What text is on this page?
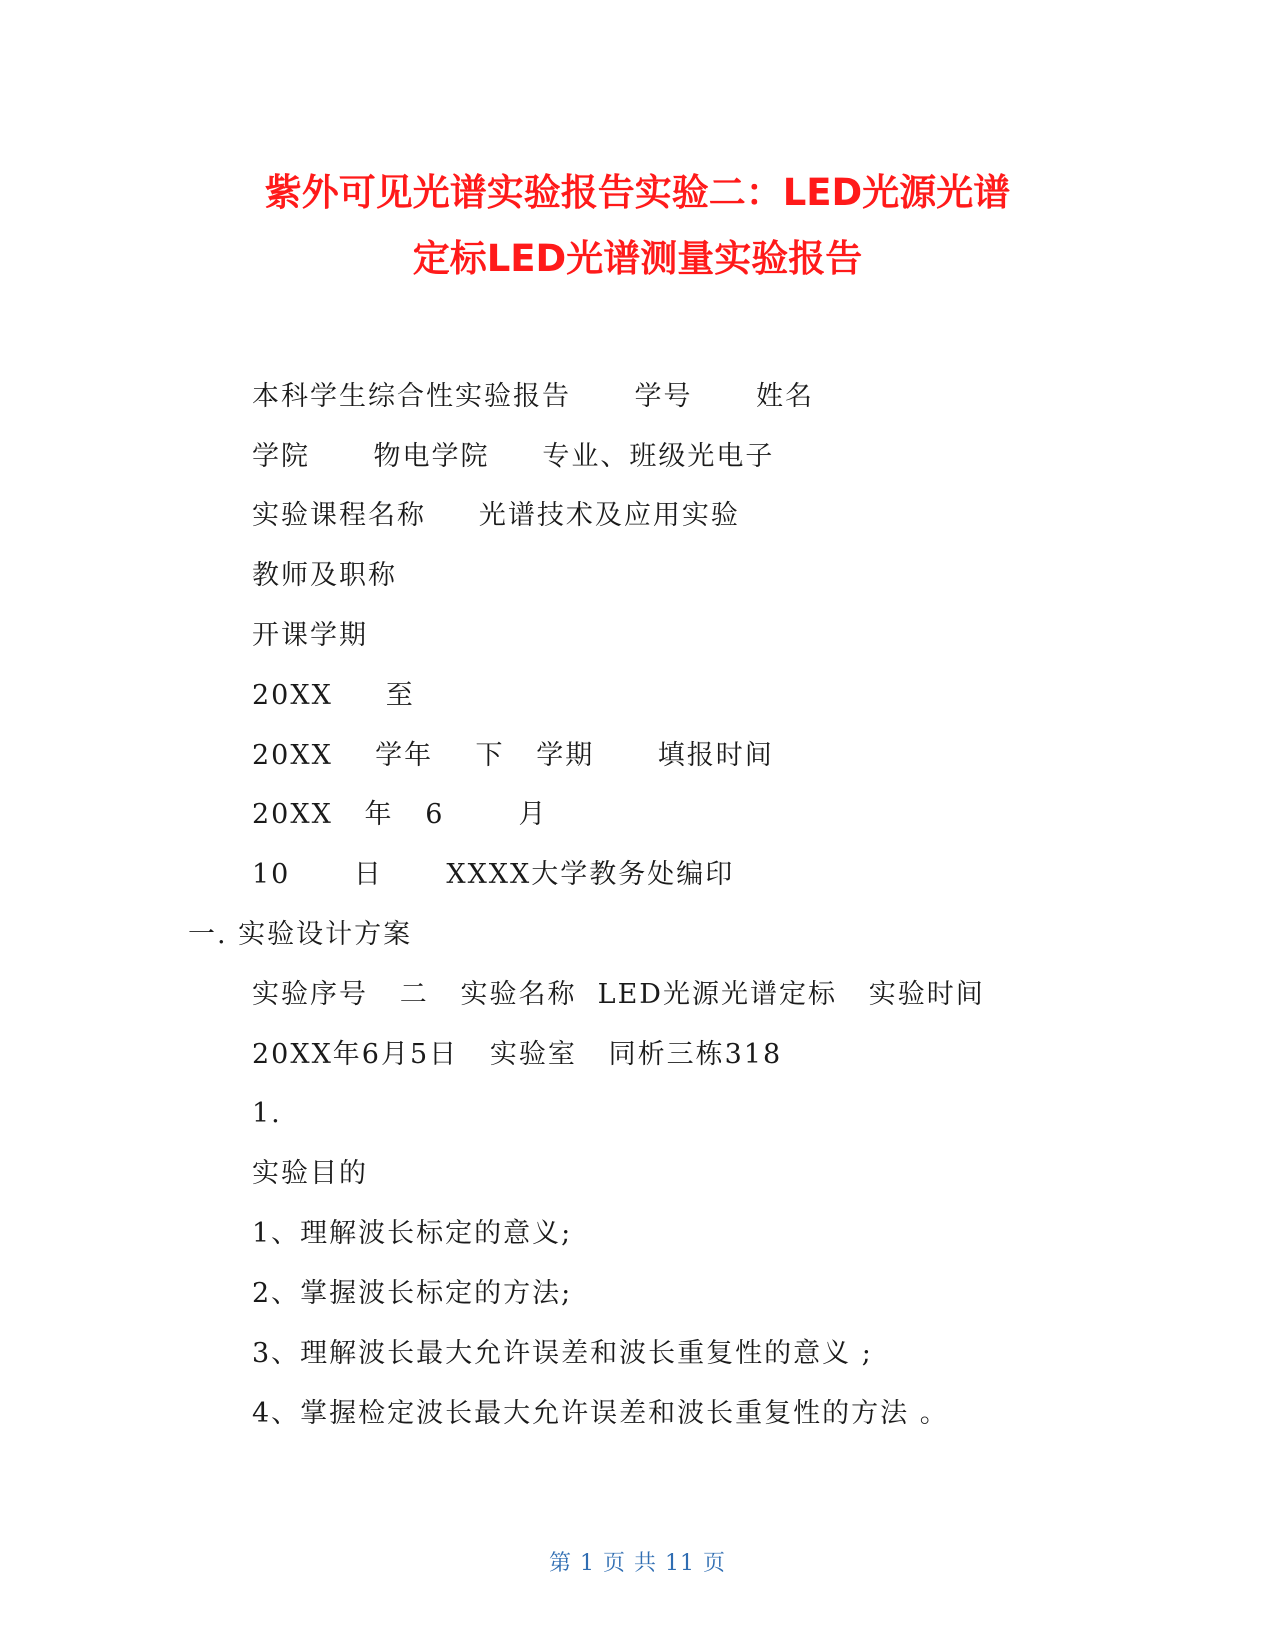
紫外可见光谱实验报告实验二：LED光源光谱
定标LED光谱测量实验报告
本科学生综合性实验报告      学号      姓名
学院      物电学院     专业、班级光电子
实验课程名称     光谱技术及应用实验
教师及职称
开课学期
20XX     至
20XX    学年    下   学期      填报时间
20XX   年   6       月
10      日      XXXX大学教务处编印
一. 实验设计方案
实验序号   二   实验名称  LED光源光谱定标   实验时间
20XX年6月5日   实验室   同析三栋318
1.
实验目的
1、理解波长标定的意义;
2、掌握波长标定的方法;
3、理解波长最大允许误差和波长重复性的意义 ;
4、掌握检定波长最大允许误差和波长重复性的方法 。
第 1 页 共 11 页
